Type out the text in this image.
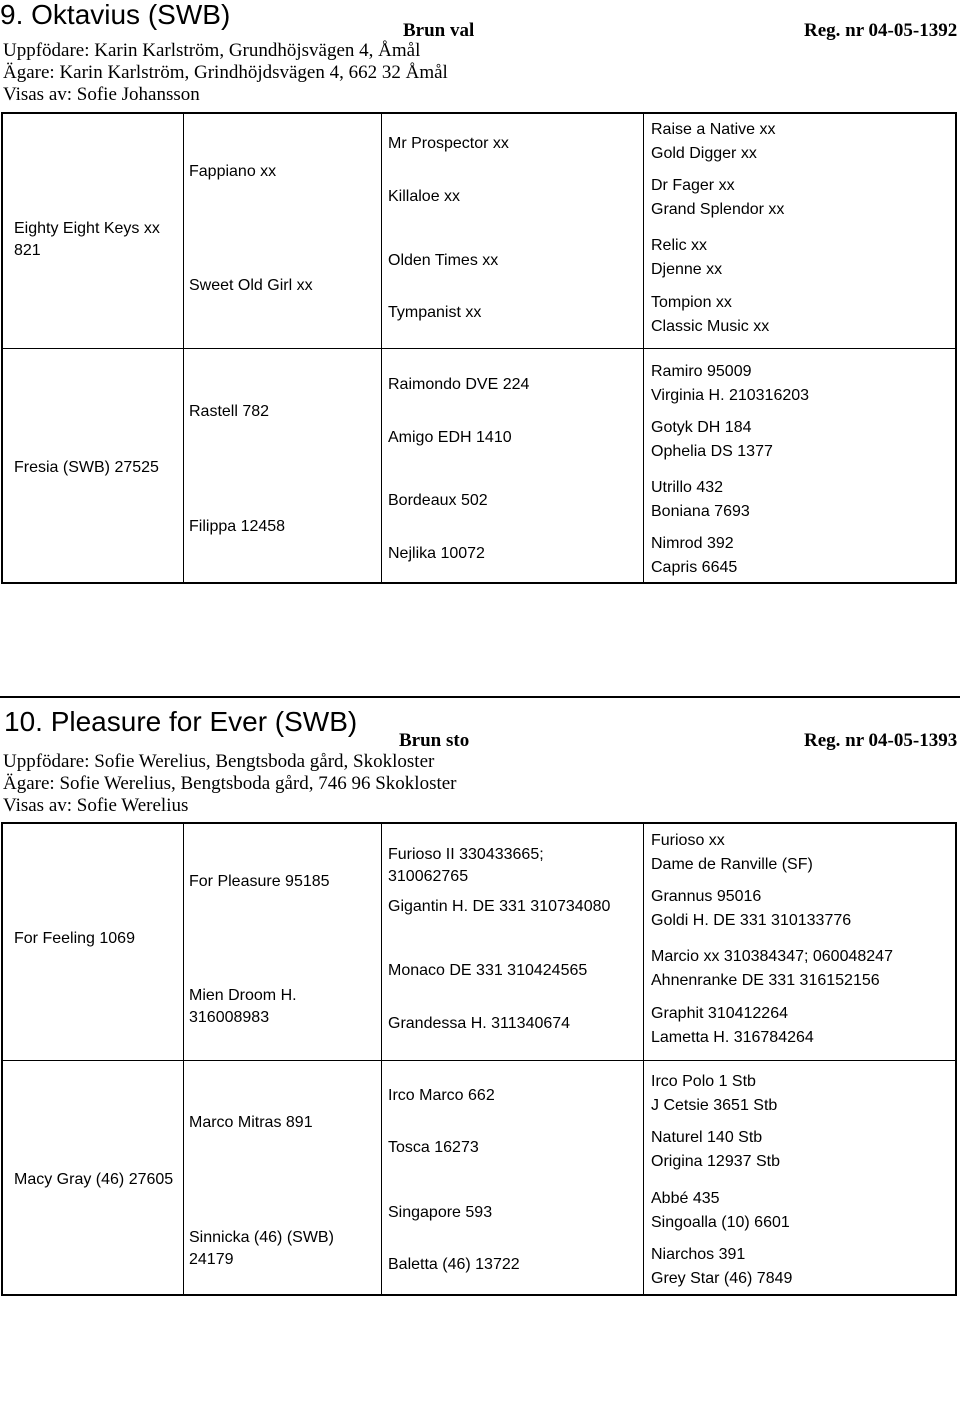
9. Oktavius (SWB)
Brun val	Reg. nr 04-05-1392
Uppfödare: Karin Karlström, Grundhöjsvägen 4, Åmål
Ägare: Karin Karlström, Grindhöjdsvägen 4, 662 32 Åmål
Visas av: Sofie Johansson
Eighty Eight Keys xx
821
Fappiano xx
Sweet Old Girl xx
Mr Prospector xx
Killaloe xx
Olden Times xx
Tympanist xx
Raise a Native xx
Gold Digger xx
Dr Fager xx
Grand Splendor xx
Relic xx
Djenne xx
Tompion xx
Classic Music xx
Fresia (SWB) 27525
Rastell 782
Filippa 12458
Raimondo DVE 224
Amigo EDH 1410
Bordeaux 502
Nejlika 10072
Ramiro 95009
Virginia H. 210316203
Gotyk DH 184
Ophelia DS 1377
Utrillo 432
Boniana 7693
Nimrod 392
Capris 6645
10. Pleasure for Ever (SWB)
Brun sto	Reg. nr 04-05-1393
Uppfödare: Sofie Werelius, Bengtsboda gård, Skokloster
Ägare: Sofie Werelius, Bengtsboda gård, 746 96 Skokloster
Visas av: Sofie Werelius
For Feeling 1069
For Pleasure 95185
Mien Droom H.
316008983
Furioso II 330433665;
310062765
Gigantin H. DE 331 310734080
Monaco DE 331 310424565
Grandessa H. 311340674
Furioso xx
Dame de Ranville (SF)
Grannus 95016
Goldi H. DE 331 310133776
Marcio xx 310384347; 060048247
Ahnenranke DE 331 316152156
Graphit 310412264
Lametta H. 316784264
Macy Gray (46) 27605
Marco Mitras 891
Sinnicka (46) (SWB)
24179
Irco Marco 662
Tosca 16273
Singapore 593
Baletta (46) 13722
Irco Polo 1 Stb
J Cetsie 3651 Stb
Naturel 140 Stb
Origina 12937 Stb
Abbé 435
Singoalla (10) 6601
Niarchos 391
Grey Star (46) 7849
